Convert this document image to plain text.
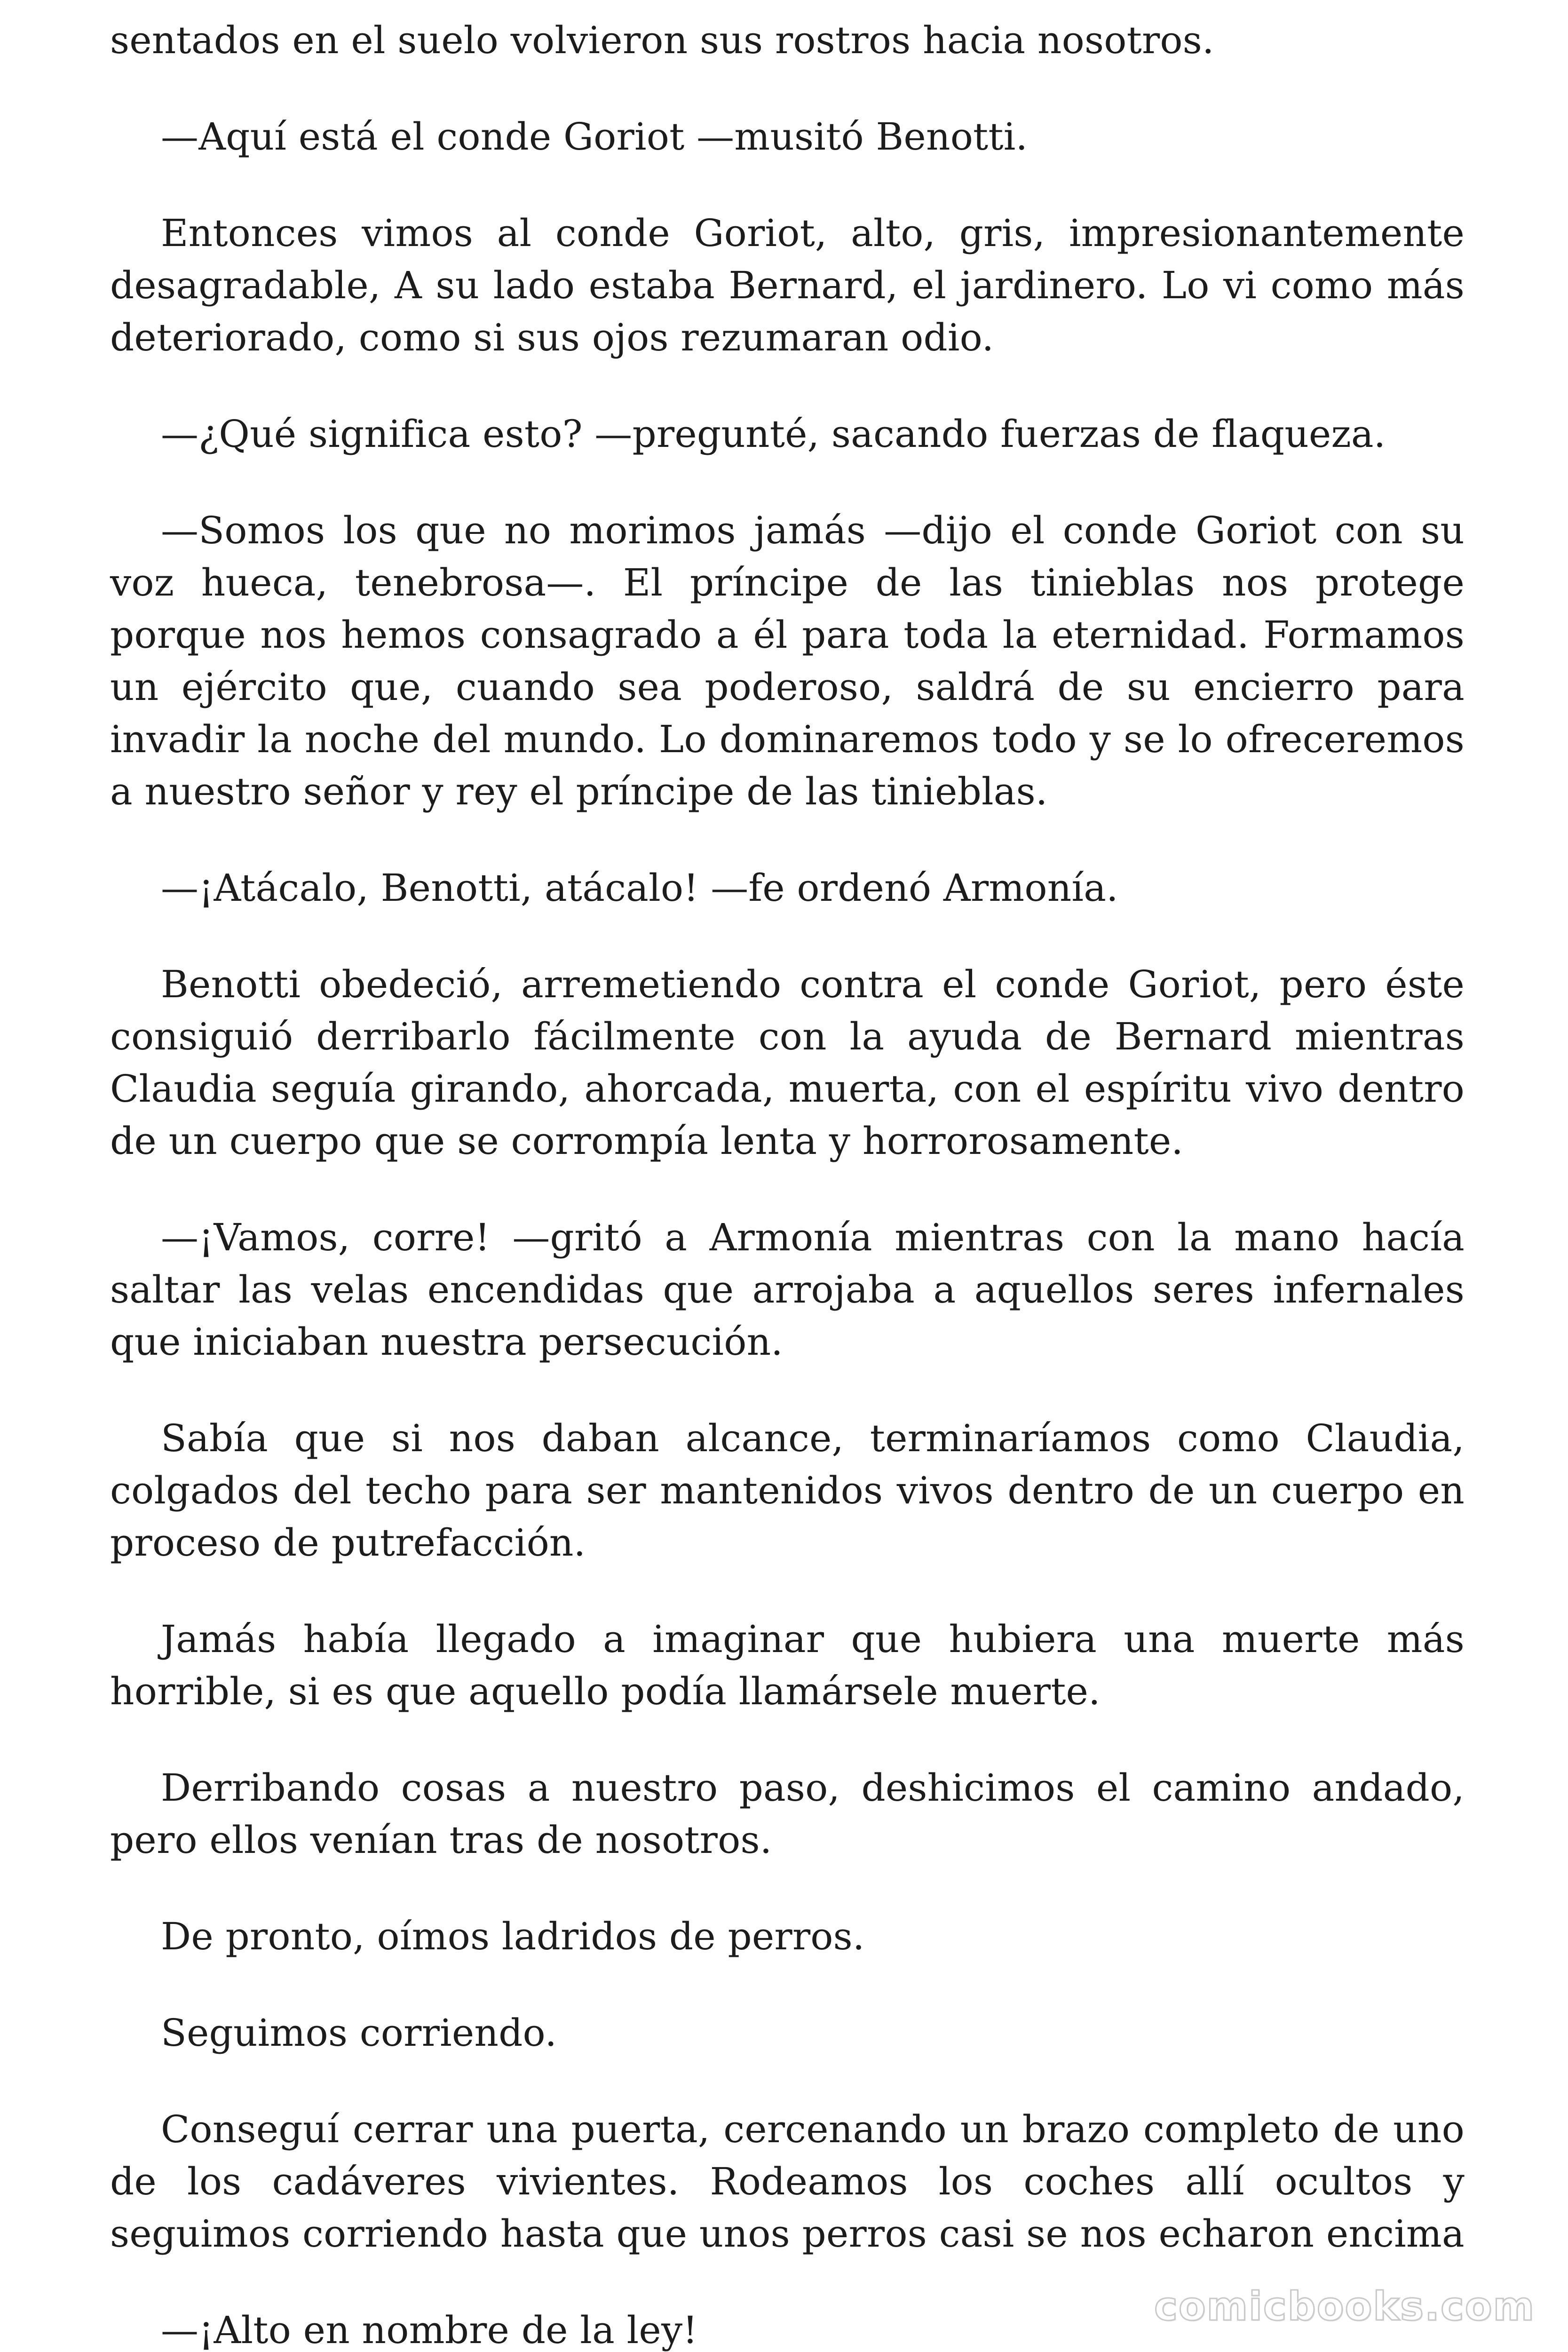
sentados en el suelo volvieron sus rostros hacia nosotros.

—Aquí está el conde Goriot —musitó Benotti.

Entonces vimos al conde Goriot, alto, gris, impresionantemente desagradable, A su lado estaba Bernard, el jardinero. Lo vi como más deteriorado, como si sus ojos rezumaran odio.

—¿Qué significa esto? —pregunté, sacando fuerzas de flaqueza.

—Somos los que no morimos jamás —dijo el conde Goriot con su voz hueca, tenebrosa—. El príncipe de las tinieblas nos protege porque nos hemos consagrado a él para toda la eternidad. Formamos un ejército que, cuando sea poderoso, saldrá de su encierro para invadir la noche del mundo. Lo dominaremos todo y se lo ofreceremos a nuestro señor y rey el príncipe de las tinieblas.

—¡Atácalo, Benotti, atácalo! —fe ordenó Armonía.

Benotti obedeció, arremetiendo contra el conde Goriot, pero éste consiguió derribarlo fácilmente con la ayuda de Bernard mientras Claudia seguía girando, ahorcada, muerta, con el espíritu vivo dentro de un cuerpo que se corrompía lenta y horrorosamente.

—¡Vamos, corre! —gritó a Armonía mientras con la mano hacía saltar las velas encendidas que arrojaba a aquellos seres infernales que iniciaban nuestra persecución.

Sabía que si nos daban alcance, terminaríamos como Claudia, colgados del techo para ser mantenidos vivos dentro de un cuerpo en proceso de putrefacción.

Jamás había llegado a imaginar que hubiera una muerte más horrible, si es que aquello podía llamársele muerte.

Derribando cosas a nuestro paso, deshicimos el camino andado, pero ellos venían tras de nosotros.

De pronto, oímos ladridos de perros.

Seguimos corriendo.

Conseguí cerrar una puerta, cercenando un brazo completo de uno de los cadáveres vivientes. Rodeamos los coches allí ocultos y seguimos corriendo hasta que unos perros casi se nos echaron encima

—¡Alto en nombre de la ley!

comicbooks.com
